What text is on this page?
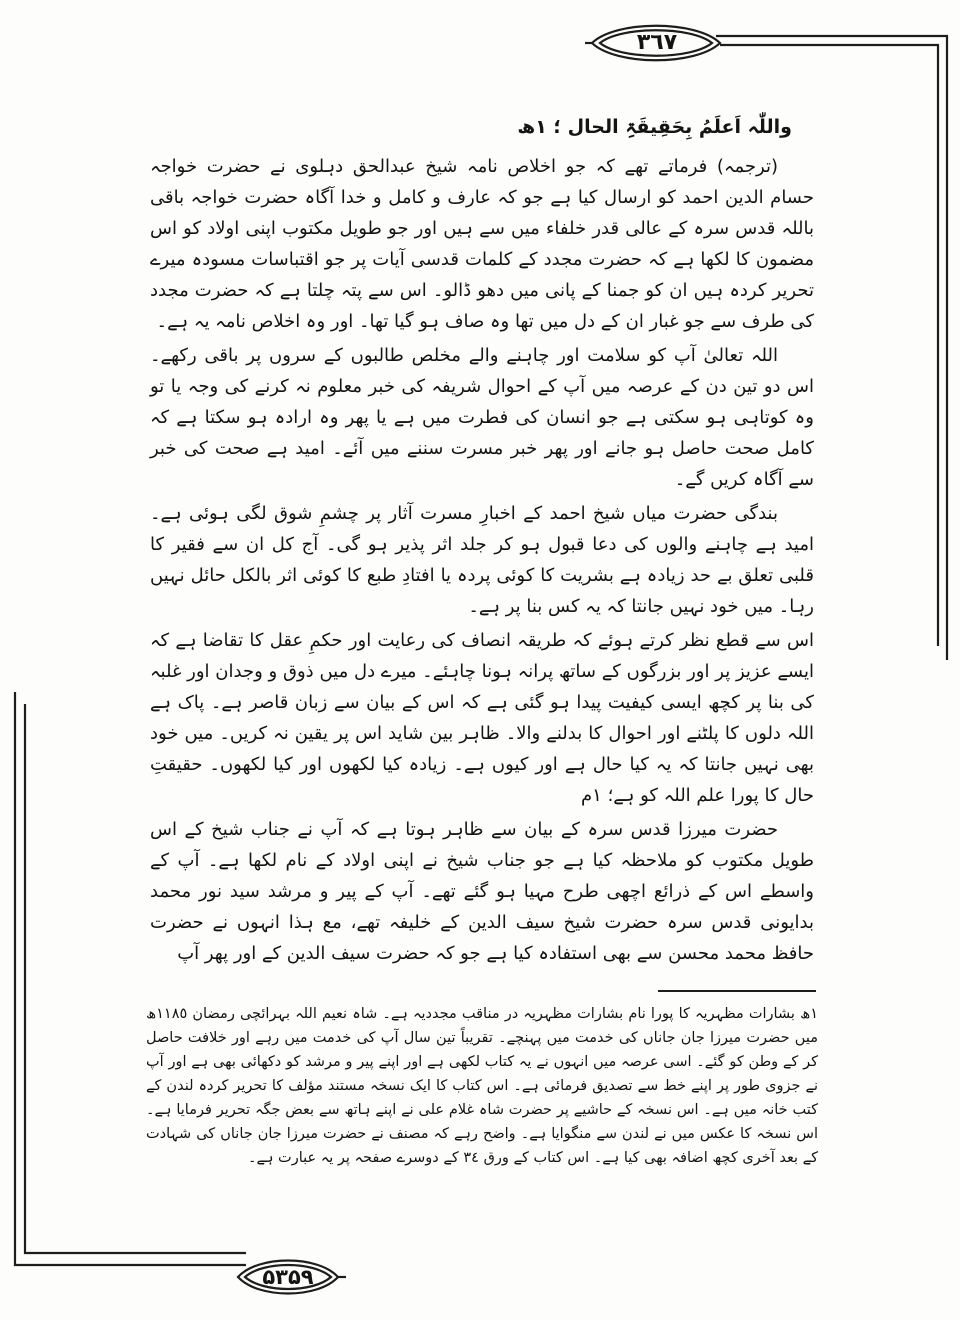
٣٦٧
۵۳۵۹

واللّٰہ اَعلَمُ بِحَقِیقَۃِ الحال ؛ ١ھ

(ترجمہ) فرماتے تھے کہ جو اخلاص نامہ شیخ عبدالحق دہلوی نے حضرت خواجہ حسام الدین احمد کو ارسال کیا ہے جو کہ عارف و کامل و خدا آگاہ حضرت خواجہ باقی باللہ قدس سرہ کے عالی قدر خلفاء میں سے ہیں اور جو طویل مکتوب اپنی اولاد کو اس مضمون کا لکھا ہے کہ حضرت مجدد کے کلمات قدسی آیات پر جو اقتباسات مسودہ میرے تحریر کردہ ہیں ان کو جمنا کے پانی میں دھو ڈالو۔ اس سے پتہ چلتا ہے کہ حضرت مجدد کی طرف سے جو غبار ان کے دل میں تھا وہ صاف ہو گیا تھا۔ اور وہ اخلاص نامہ یہ ہے۔

اللہ تعالیٰ آپ کو سلامت اور چاہنے والے مخلص طالبوں کے سروں پر باقی رکھے۔ اس دو تین دن کے عرصہ میں آپ کے احوال شریفہ کی خبر معلوم نہ کرنے کی وجہ یا تو وہ کوتاہی ہو سکتی ہے جو انسان کی فطرت میں ہے یا پھر وہ ارادہ ہو سکتا ہے کہ کامل صحت حاصل ہو جانے اور پھر خبر مسرت سننے میں آئے۔ امید ہے صحت کی خبر سے آگاہ کریں گے۔

بندگی حضرت میاں شیخ احمد کے اخبارِ مسرت آثار پر چشمِ شوق لگی ہوئی ہے۔ امید ہے چاہنے والوں کی دعا قبول ہو کر جلد اثر پذیر ہو گی۔ آج کل ان سے فقیر کا قلبی تعلق بے حد زیادہ ہے بشریت کا کوئی پردہ یا افتادِ طبع کا کوئی اثر بالکل حائل نہیں رہا۔ میں خود نہیں جانتا کہ یہ کس بنا پر ہے۔

اس سے قطع نظر کرتے ہوئے کہ طریقہ انصاف کی رعایت اور حکمِ عقل کا تقاضا ہے کہ ایسے عزیز پر اور بزرگوں کے ساتھ پرانہ ہونا چاہئے۔ میرے دل میں ذوق و وجدان اور غلبہ کی بنا پر کچھ ایسی کیفیت پیدا ہو گئی ہے کہ اس کے بیان سے زبان قاصر ہے۔ پاک ہے اللہ دلوں کا پلٹنے اور احوال کا بدلنے والا۔ ظاہر بین شاید اس پر یقین نہ کریں۔ میں خود بھی نہیں جانتا کہ یہ کیا حال ہے اور کیوں ہے۔ زیادہ کیا لکھوں اور کیا لکھوں۔ حقیقتِ حال کا پورا علم اللہ کو ہے؛ ١م

حضرت میرزا قدس سرہ کے بیان سے ظاہر ہوتا ہے کہ آپ نے جناب شیخ کے اس طویل مکتوب کو ملاحظہ کیا ہے جو جناب شیخ نے اپنی اولاد کے نام لکھا ہے۔ آپ کے واسطے اس کے ذرائع اچھی طرح مہیا ہو گئے تھے۔ آپ کے پیر و مرشد سید نور محمد بدایونی قدس سرہ حضرت شیخ سیف الدین کے خلیفہ تھے، مع ہذا انہوں نے حضرت حافظ محمد محسن سے بھی استفادہ کیا ہے جو کہ حضرت سیف الدین کے اور پھر آپ

١ھ بشارات مظہریہ کا پورا نام بشارات مظہریہ در مناقب مجددیہ ہے۔ شاہ نعیم اللہ بہرائچی رمضان ١١٨٥ھ میں حضرت میرزا جان جاناں کی خدمت میں پہنچے۔ تقریباً تین سال آپ کی خدمت میں رہے اور خلافت حاصل کر کے وطن کو گئے۔ اسی عرصہ میں انہوں نے یہ کتاب لکھی ہے اور اپنے پیر و مرشد کو دکھائی بھی ہے اور آپ نے جزوی طور پر اپنے خط سے تصدیق فرمائی ہے۔ اس کتاب کا ایک نسخہ مستند مؤلف کا تحریر کردہ لندن کے کتب خانہ میں ہے۔ اس نسخہ کے حاشیے پر حضرت شاہ غلام علی نے اپنے ہاتھ سے بعض جگہ تحریر فرمایا ہے۔ اس نسخہ کا عکس میں نے لندن سے منگوایا ہے۔ واضح رہے کہ مصنف نے حضرت میرزا جان جاناں کی شہادت کے بعد آخری کچھ اضافہ بھی کیا ہے۔ اس کتاب کے ورق ٣٤ کے دوسرے صفحہ پر یہ عبارت ہے۔
